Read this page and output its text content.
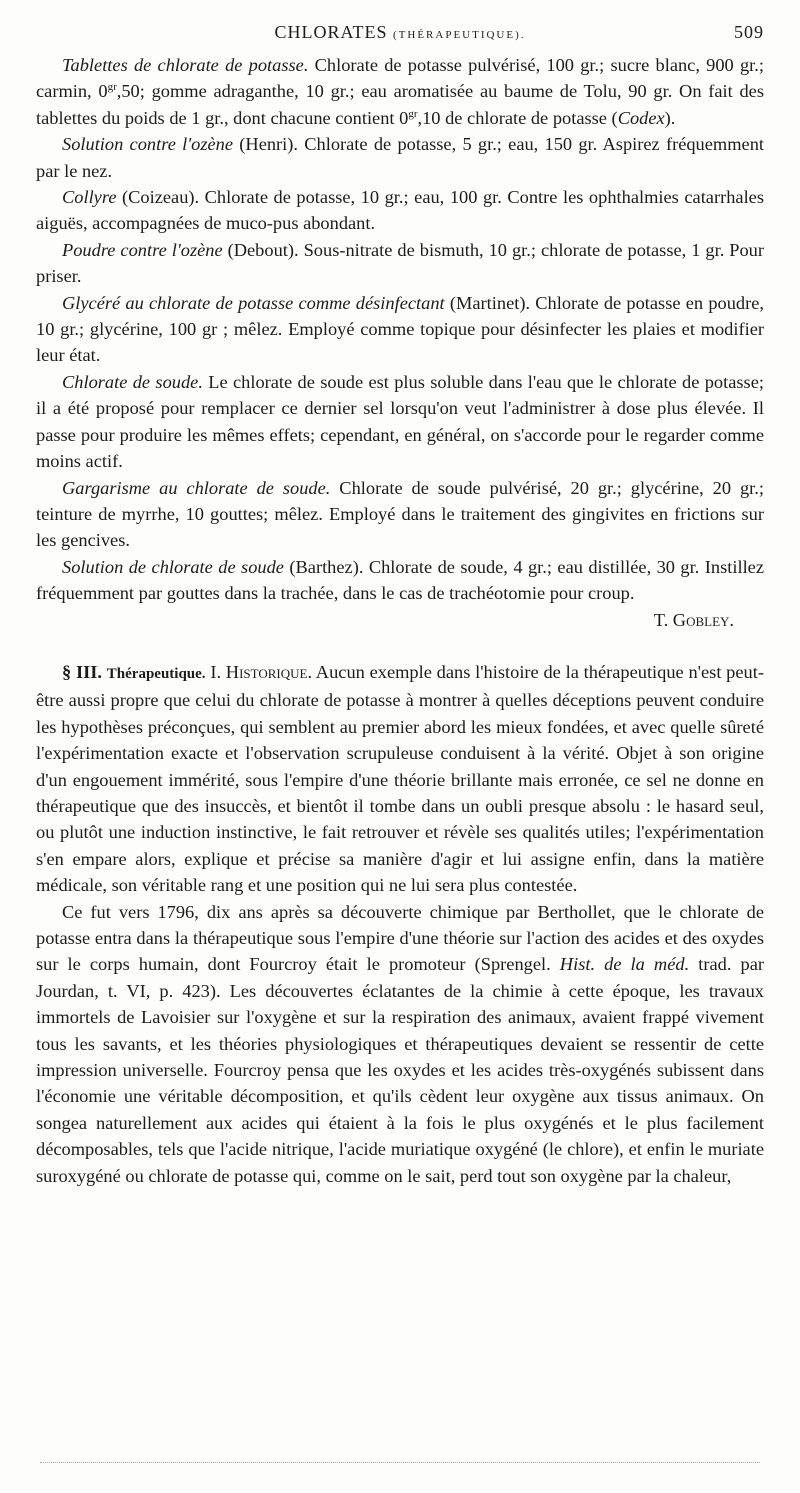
CHLORATES (THÉRAPEUTIQUE).	509

Tablettes de chlorate de potasse. Chlorate de potasse pulvérisé, 100 gr.; sucre blanc, 900 gr.; carmin, $0^{gr},50$; gomme adraganthe, 10 gr.; eau aromatisée au baume de Tolu, 90 gr. On fait des tablettes du poids de 1 gr., dont chacune contient $0^{gr},10$ de chlorate de potasse (Codex).

Solution contre l'ozène (Henri). Chlorate de potasse, 5 gr.; eau, 150 gr. Aspirez fréquemment par le nez.

Collyre (Coizeau). Chlorate de potasse, 10 gr.; eau, 100 gr. Contre les ophthalmies catarrhales aiguës, accompagnées de muco-pus abondant.

Poudre contre l'ozène (Debout). Sous-nitrate de bismuth, 10 gr.; chlorate de potasse, 1 gr. Pour priser.

Glycéré au chlorate de potasse comme désinfectant (Martinet). Chlorate de potasse en poudre, 10 gr.; glycérine, 100 gr ; mêlez. Employé comme topique pour désinfecter les plaies et modifier leur état.

Chlorate de soude. Le chlorate de soude est plus soluble dans l'eau que le chlorate de potasse; il a été proposé pour remplacer ce dernier sel lorsqu'on veut l'administrer à dose plus élevée. Il passe pour produire les mêmes effets; cependant, en général, on s'accorde pour le regarder comme moins actif.

Gargarisme au chlorate de soude. Chlorate de soude pulvérisé, 20 gr.; glycérine, 20 gr.; teinture de myrrhe, 10 gouttes; mêlez. Employé dans le traitement des gingivites en frictions sur les gencives.

Solution de chlorate de soude (Barthez). Chlorate de soude, 4 gr.; eau distillée, 30 gr. Instillez fréquemment par gouttes dans la trachée, dans le cas de trachéotomie pour croup.

T. Gobley.

§ III. Thérapeutique. I. Historique. Aucun exemple dans l'histoire de la thérapeutique n'est peut-être aussi propre que celui du chlorate de potasse à montrer à quelles déceptions peuvent conduire les hypothèses préconçues, qui semblent au premier abord les mieux fondées, et avec quelle sûreté l'expérimentation exacte et l'observation scrupuleuse conduisent à la vérité. Objet à son origine d'un engouement immérité, sous l'empire d'une théorie brillante mais erronée, ce sel ne donne en thérapeutique que des insuccès, et bientôt il tombe dans un oubli presque absolu : le hasard seul, ou plutôt une induction instinctive, le fait retrouver et révèle ses qualités utiles; l'expérimentation s'en empare alors, explique et précise sa manière d'agir et lui assigne enfin, dans la matière médicale, son véritable rang et une position qui ne lui sera plus contestée.

Ce fut vers 1796, dix ans après sa découverte chimique par Berthollet, que le chlorate de potasse entra dans la thérapeutique sous l'empire d'une théorie sur l'action des acides et des oxydes sur le corps humain, dont Fourcroy était le promoteur (Sprengel. Hist. de la méd. trad. par Jourdan, t. VI, p. 423). Les découvertes éclatantes de la chimie à cette époque, les travaux immortels de Lavoisier sur l'oxygène et sur la respiration des animaux, avaient frappé vivement tous les savants, et les théories physiologiques et thérapeutiques devaient se ressentir de cette impression universelle. Fourcroy pensa que les oxydes et les acides très-oxygénés subissent dans l'économie une véritable décomposition, et qu'ils cèdent leur oxygène aux tissus animaux. On songea naturellement aux acides qui étaient à la fois le plus oxygénés et le plus facilement décomposables, tels que l'acide nitrique, l'acide muriatique oxygéné (le chlore), et enfin le muriate suroxygéné ou chlorate de potasse qui, comme on le sait, perd tout son oxygène par la chaleur,
